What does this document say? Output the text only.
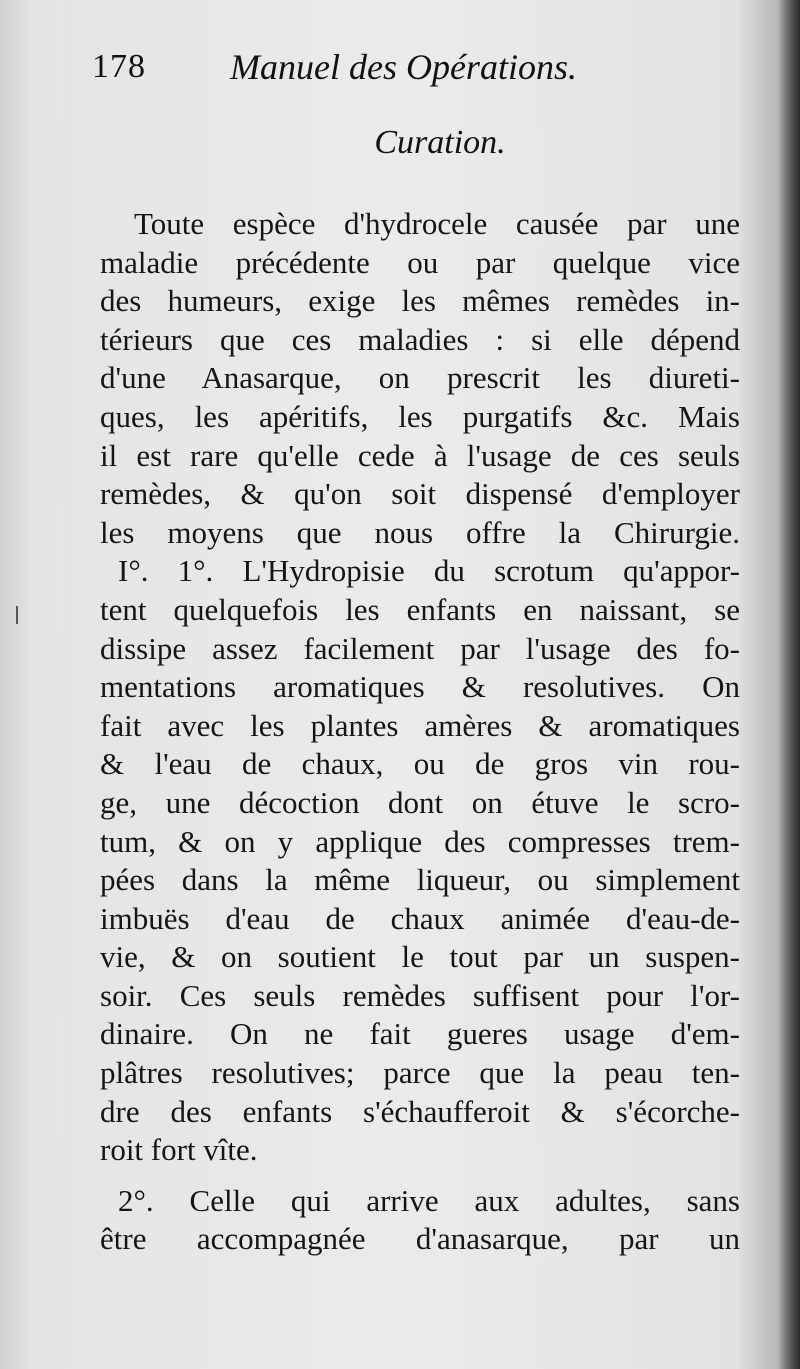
178 Manuel des Opérations.
Curation.
Toute espèce d'hydrocele causée par une
maladie précédente ou par quelque vice
des humeurs, exige les mêmes remèdes in-
térieurs que ces maladies : si elle dépend
d'une Anasarque, on prescrit les diureti-
ques, les apéritifs, les purgatifs &c. Mais
il est rare qu'elle cede à l'usage de ces seuls
remèdes, & qu'on soit dispensé d'employer
les moyens que nous offre la Chirurgie.
I°. 1°. L'Hydropisie du scrotum qu'appor-
tent quelquefois les enfants en naissant, se
dissipe assez facilement par l'usage des fo-
mentations aromatiques & resolutives. On
fait avec les plantes amères & aromatiques
& l'eau de chaux, ou de gros vin rou-
ge, une décoction dont on étuve le scro-
tum, & on y applique des compresses trem-
pées dans la même liqueur, ou simplement
imbuës d'eau de chaux animée d'eau-de-
vie, & on soutient le tout par un suspen-
soir. Ces seuls remèdes suffisent pour l'or-
dinaire. On ne fait gueres usage d'em-
plâtres resolutives; parce que la peau ten-
dre des enfants s'échaufferoit & s'écorche-
roit fort vîte.
2°. Celle qui arrive aux adultes, sans
être accompagnée d'anasarque, par un
